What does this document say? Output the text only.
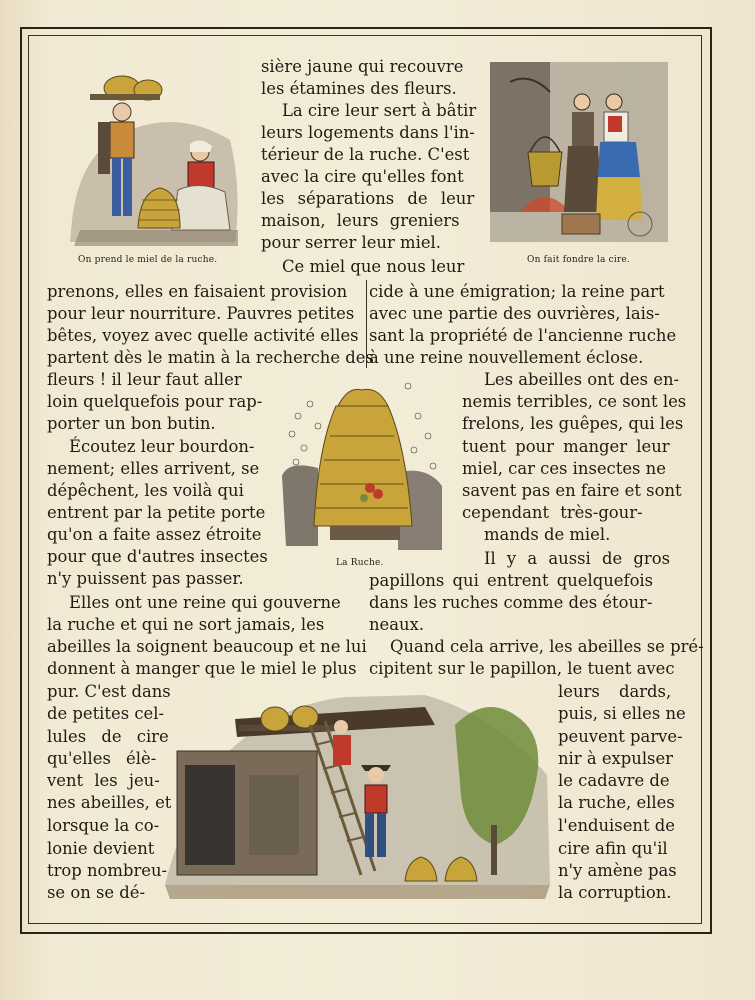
On prend le miel de la ruche.	On fait fondre la cire.
La Ruche.
sière jaune qui recouvre
les étamines des fleurs.
La cire leur sert à bâtir
leurs logements dans l'in-
térieur de la ruche. C'est
avec la cire qu'elles font
les séparations de leur
maison, leurs greniers
pour serrer leur miel.
Ce miel que nous leur
prenons, elles en faisaient provision
pour leur nourriture. Pauvres petites
bêtes, voyez avec quelle activité elles
partent dès le matin à la recherche des
fleurs ! il leur faut aller
loin quelquefois pour rap-
porter un bon butin.
Écoutez leur bourdon-
nement; elles arrivent, se
dépêchent, les voilà qui
entrent par la petite porte
qu'on a faite assez étroite
pour que d'autres insectes
n'y puissent pas passer.
Elles ont une reine qui gouverne
la ruche et qui ne sort jamais, les
abeilles la soignent beaucoup et ne lui
donnent à manger que le miel le plus
pur. C'est dans
de petites cel-
lules de cire
qu'elles élè-
vent les jeu-
nes abeilles, et
lorsque la co-
lonie devient
trop nombreu-
se on se dé-
cide à une émigration; la reine part
avec une partie des ouvrières, lais-
sant la propriété de l'ancienne ruche
à une reine nouvellement éclose.
Les abeilles ont des en-
nemis terribles, ce sont les
frelons, les guêpes, qui les
tuent pour manger leur
miel, car ces insectes ne
savent pas en faire et sont
cependant très-gour-
mands de miel.
Il y a aussi de gros
papillons qui entrent quelquefois
dans les ruches comme des étour-
neaux.
Quand cela arrive, les abeilles se pré-
cipitent sur le papillon, le tuent avec
leurs dards,
puis, si elles ne
peuvent parve-
nir à expulser
le cadavre de
la ruche, elles
l'enduisent de
cire afin qu'il
n'y amène pas
la corruption.
